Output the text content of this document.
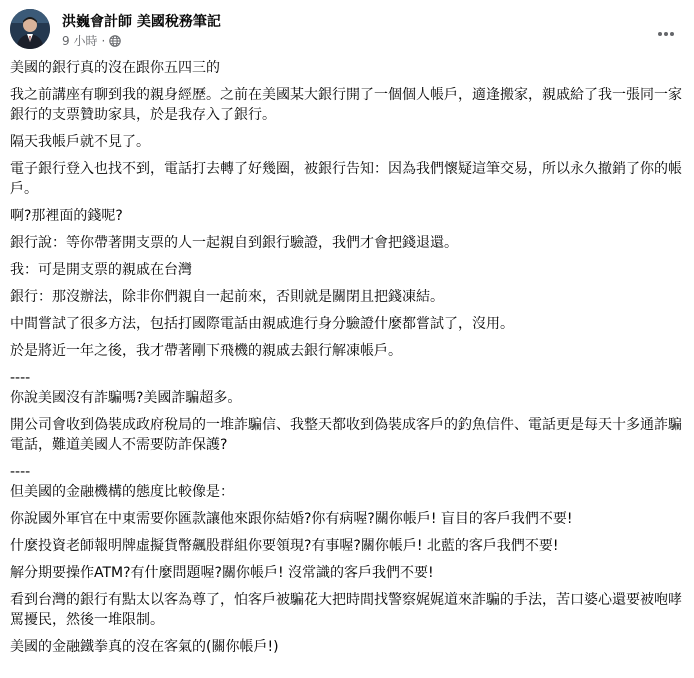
洪巍會計師 美國稅務筆記
9 小時 ·

美國的銀行真的沒在跟你五四三的

我之前講座有聊到我的親身經歷。之前在美國某大銀行開了一個個人帳戶，適逢搬家，親戚給了我一張同一家銀行的支票贊助家具，於是我存入了銀行。

隔天我帳戶就不見了。

電子銀行登入也找不到，電話打去轉了好幾圈，被銀行告知：因為我們懷疑這筆交易，所以永久撤銷了你的帳戶。

啊?那裡面的錢呢?

銀行說：等你帶著開支票的人一起親自到銀行驗證，我們才會把錢退還。

我：可是開支票的親戚在台灣

銀行：那沒辦法，除非你們親自一起前來，否則就是關閉且把錢凍結。

中間嘗試了很多方法，包括打國際電話由親戚進行身分驗證什麼都嘗試了，沒用。

於是將近一年之後，我才帶著剛下飛機的親戚去銀行解凍帳戶。

----
你說美國沒有詐騙嗎?美國詐騙超多。

開公司會收到偽裝成政府稅局的一堆詐騙信、我整天都收到偽裝成客戶的釣魚信件、電話更是每天十多通詐騙電話，難道美國人不需要防詐保護?

----
但美國的金融機構的態度比較像是：

你說國外軍官在中東需要你匯款讓他來跟你結婚?你有病喔?關你帳戶! 盲目的客戶我們不要!

什麼投資老師報明牌虛擬貨幣飆股群組你要領現?有事喔?關你帳戶! 北藍的客戶我們不要!

解分期要操作ATM?有什麼問題喔?關你帳戶! 沒常識的客戶我們不要!

看到台灣的銀行有點太以客為尊了，怕客戶被騙花大把時間找警察娓娓道來詐騙的手法，苦口婆心還要被咆哮罵擾民，然後一堆限制。

美國的金融鐵拳真的沒在客氣的(關你帳戶!)
